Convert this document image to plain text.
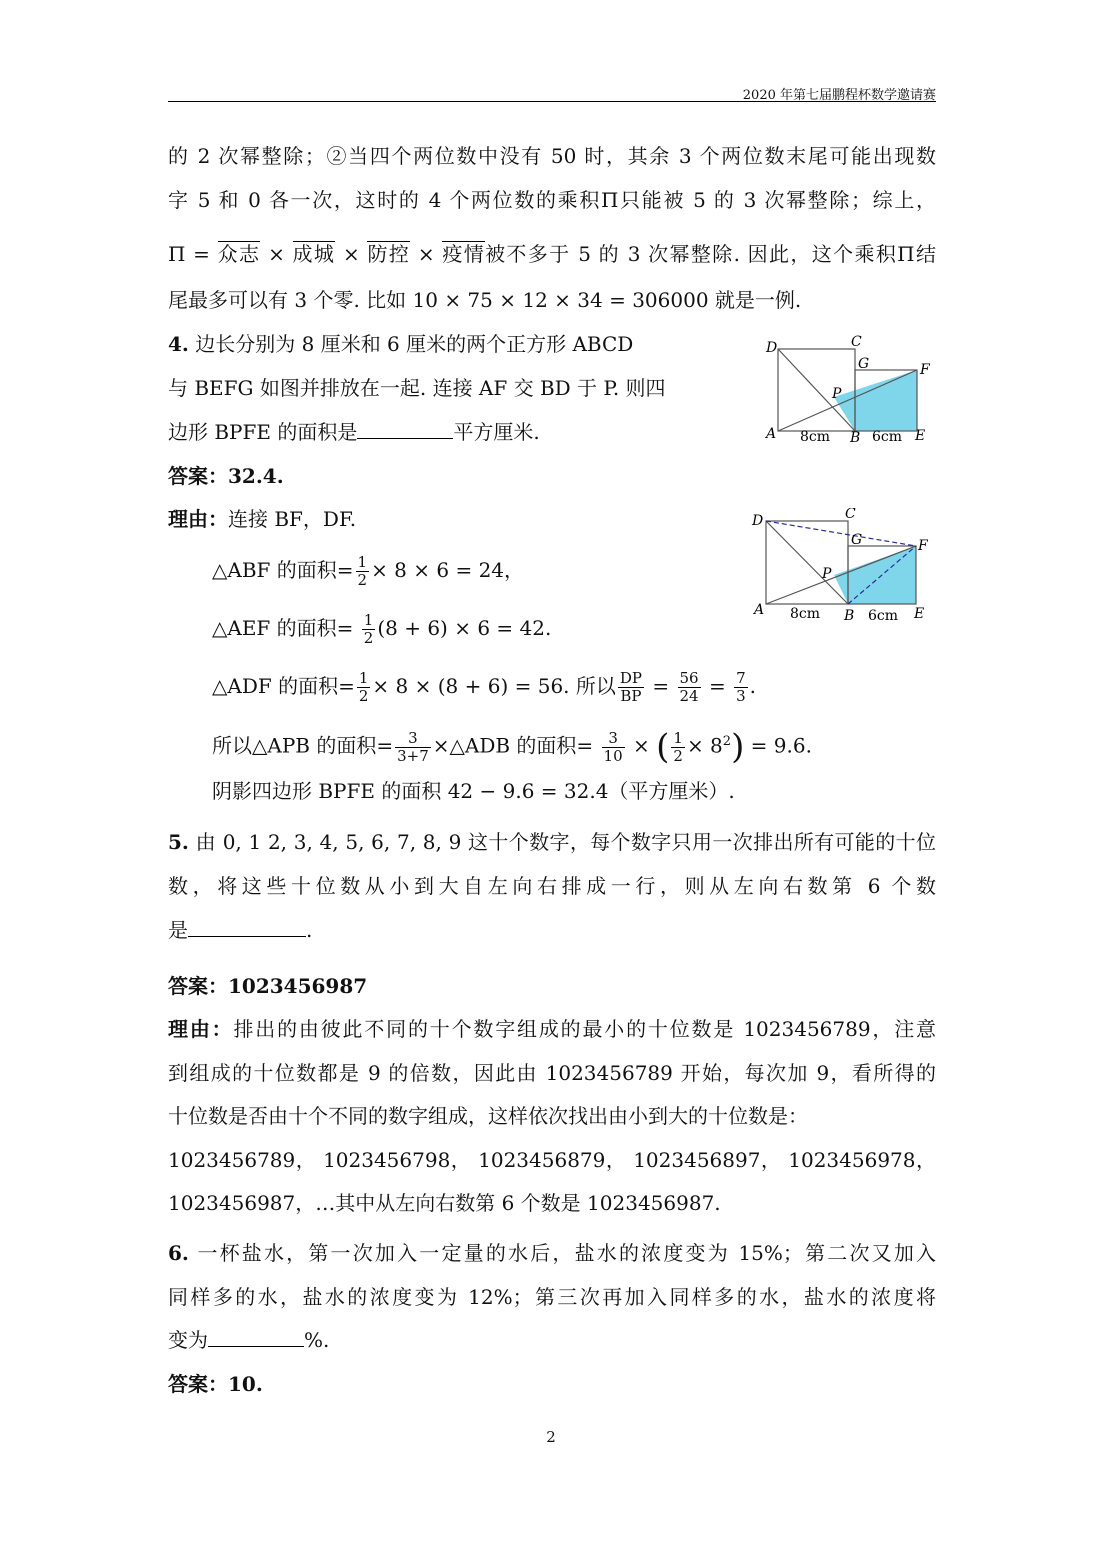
2020 年第七届鹏程杯数学邀请赛
的 2 次幂整除；②当四个两位数中没有 50 时，其余 3 个两位数末尾可能出现数
字 5 和 0 各一次，这时的 4 个两位数的乘积Π只能被 5 的 3 次幂整除；综上，
Π = 众志 × 成城 × 防控 × 疫情被不多于 5 的 3 次幂整除. 因此，这个乘积Π结
尾最多可以有 3 个零. 比如 10 × 75 × 12 × 34 = 306000 就是一例.
4. 边长分别为 8 厘米和 6 厘米的两个正方形 ABCD
与 BEFG 如图并排放在一起. 连接 AF 交 BD 于 P. 则四
边形 BPFE 的面积是	平方厘米.
D	C
G	F
P
A	B	E
8cm	6cm
答案：32.4.
理由：连接 BF，DF.	D	C
G	F
P
A	B	E
8cm	6cm
△ABF 的面积= $\frac{1}{2} \times 8 \times 6 = 24$，
△AEF 的面积= $\frac{1}{2} (8 + 6) \times 6 = 42$.
△ADF 的面积= $\frac{1}{2} \times 8 \times (8 + 6) = 56$. 所以 $\frac{DP}{BP} = \frac{56}{24} = \frac{7}{3}$ .
所以△APB 的面积= $\frac{3}{3+7}$ ×△ADB 的面积= $\frac{3}{10}$ × ( $\frac{1}{2} \times 8^2) = 9.6$.
阴影四边形 BPFE 的面积 42 − 9.6 = 32.4（平方厘米）.
5. 由 0, 1 2, 3, 4, 5, 6, 7, 8, 9 这十个数字，每个数字只用一次排出所有可能的十位
数，将这些十位数从小到大自左向右排成一行，则从左向右数第 6 个数
是	.
答案：1023456987
理由：排出的由彼此不同的十个数字组成的最小的十位数是 1023456789，注意
到组成的十位数都是 9 的倍数，因此由 1023456789 开始，每次加 9，看所得的
十位数是否由十个不同的数字组成，这样依次找出由小到大的十位数是：
1023456789， 1023456798， 1023456879， 1023456897， 1023456978，
1023456987，…其中从左向右数第 6 个数是 1023456987.
6. 一杯盐水，第一次加入一定量的水后，盐水的浓度变为 15%；第二次又加入
同样多的水，盐水的浓度变为 12%；第三次再加入同样多的水，盐水的浓度将
变为	%.
答案：10.
2
